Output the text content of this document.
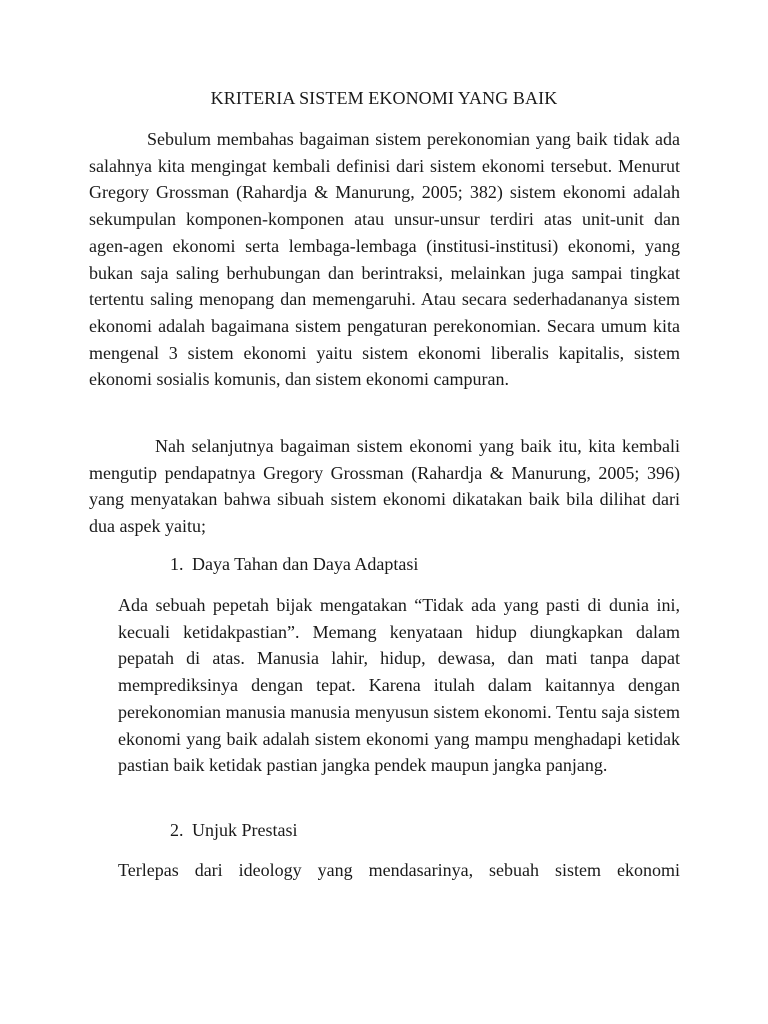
KRITERIA SISTEM EKONOMI YANG BAIK

Sebulum membahas bagaiman sistem perekonomian yang baik tidak ada salahnya kita mengingat kembali definisi dari sistem ekonomi tersebut. Menurut Gregory Grossman (Rahardja & Manurung, 2005; 382) sistem ekonomi adalah sekumpulan komponen-komponen atau unsur-unsur terdiri atas unit-unit dan agen-agen ekonomi serta lembaga-lembaga (institusi-institusi) ekonomi, yang bukan saja saling berhubungan dan berintraksi, melainkan juga sampai tingkat tertentu saling menopang dan memengaruhi. Atau secara sederhadananya sistem ekonomi adalah bagaimana sistem pengaturan perekonomian. Secara umum kita mengenal 3 sistem ekonomi yaitu sistem ekonomi liberalis kapitalis, sistem ekonomi sosialis komunis, dan sistem ekonomi campuran.

Nah selanjutnya bagaiman sistem ekonomi yang baik itu, kita kembali mengutip pendapatnya Gregory Grossman (Rahardja & Manurung, 2005; 396) yang menyatakan bahwa sibuah sistem ekonomi dikatakan baik bila dilihat dari dua aspek yaitu;

1. Daya Tahan dan Daya Adaptasi

Ada sebuah pepetah bijak mengatakan “Tidak ada yang pasti di dunia ini, kecuali ketidakpastian”. Memang kenyataan hidup diungkapkan dalam pepatah di atas. Manusia lahir, hidup, dewasa, dan mati tanpa dapat memprediksinya dengan tepat. Karena itulah dalam kaitannya dengan perekonomian manusia manusia menyusun sistem ekonomi. Tentu saja sistem ekonomi yang baik adalah sistem ekonomi yang mampu menghadapi ketidak pastian baik ketidak pastian jangka pendek maupun jangka panjang.

2. Unjuk Prestasi

Terlepas dari ideology yang mendasarinya, sebuah sistem ekonomi
